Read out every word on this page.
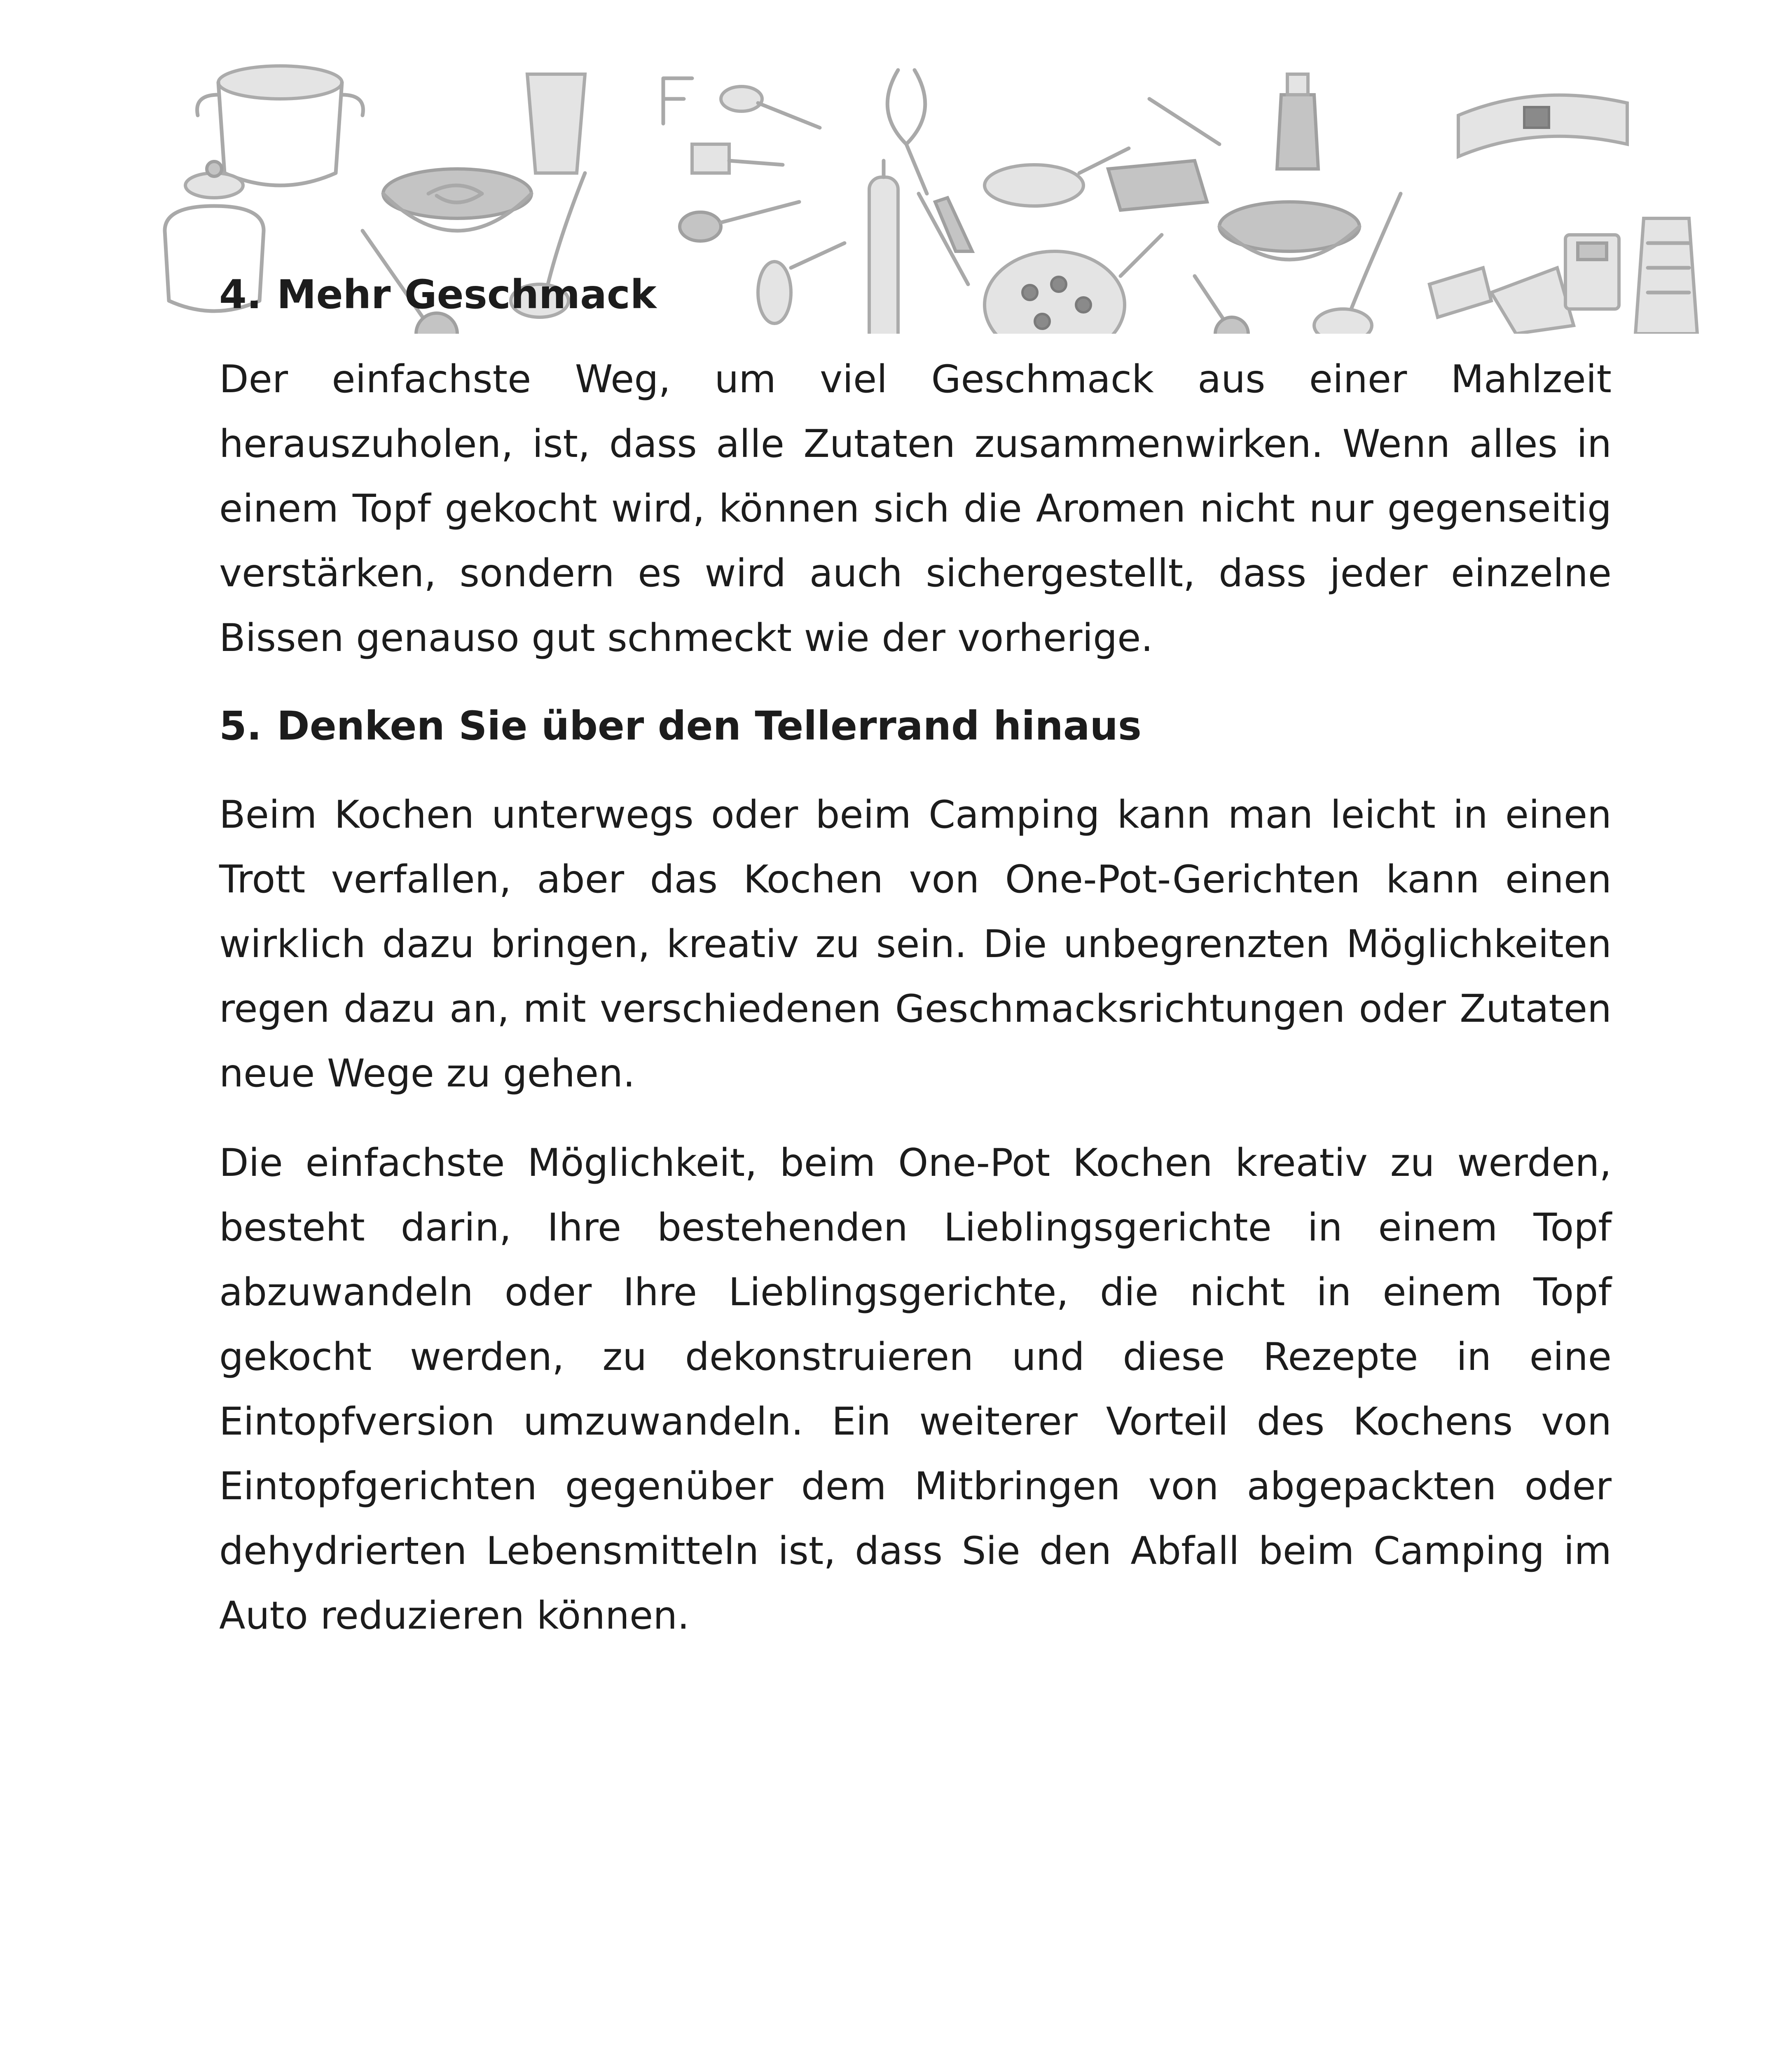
4. Mehr Geschmack

Der einfachste Weg, um viel Geschmack aus einer Mahlzeit herauszuholen, ist, dass alle Zutaten zusammenwirken. Wenn alles in einem Topf gekocht wird, können sich die Aromen nicht nur gegenseitig verstärken, sondern es wird auch sichergestellt, dass jeder einzelne Bissen genauso gut schmeckt wie der vorherige.

5. Denken Sie über den Tellerrand hinaus

Beim Kochen unterwegs oder beim Camping kann man leicht in einen Trott verfallen, aber das Kochen von One-Pot-Gerichten kann einen wirklich dazu bringen, kreativ zu sein. Die unbegrenzten Möglichkeiten regen dazu an, mit verschiedenen Geschmacksrichtungen oder Zutaten neue Wege zu gehen.

Die einfachste Möglichkeit, beim One-Pot Kochen kreativ zu werden, besteht darin, Ihre bestehenden Lieblingsgerichte in einem Topf abzuwandeln oder Ihre Lieblingsgerichte, die nicht in einem Topf gekocht werden, zu dekonstruieren und diese Rezepte in eine Eintopfversion umzuwandeln. Ein weiterer Vorteil des Kochens von Eintopfgerichten gegenüber dem Mitbringen von abgepackten oder dehydrierten Lebensmitteln ist, dass Sie den Abfall beim Camping im Auto reduzieren können.
